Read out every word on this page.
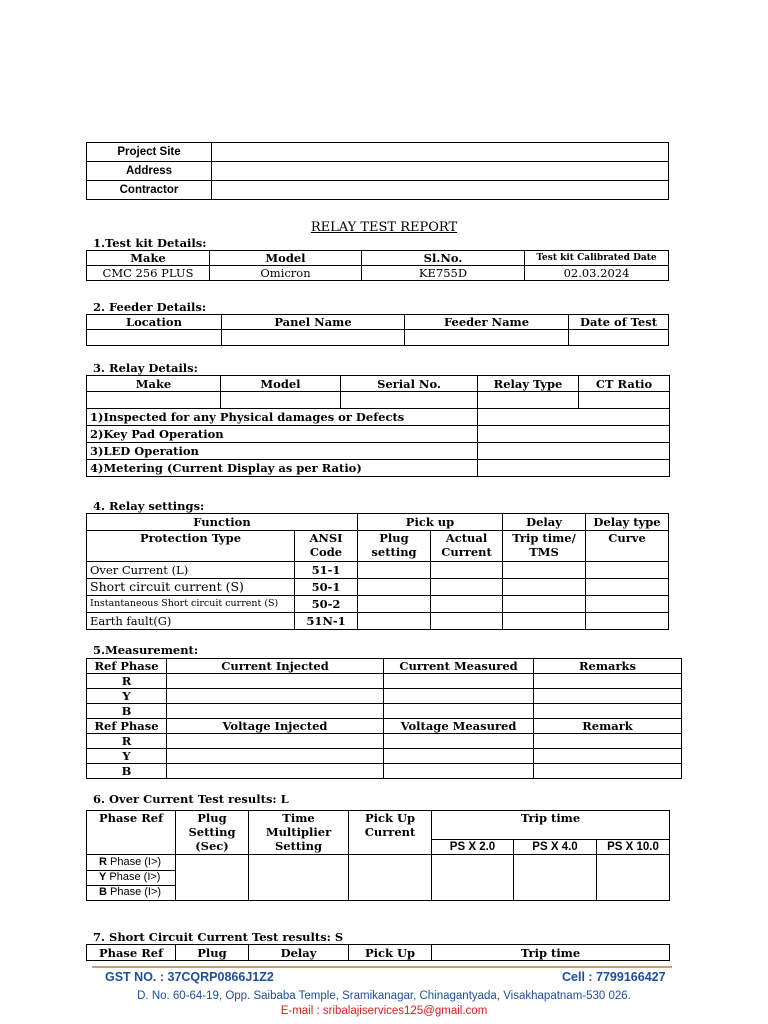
Project Site	
Address	
Contractor	
RELAY TEST REPORT
1.Test kit Details:
Make	Model	Sl.No.	Test kit Calibrated Date
CMC 256 PLUS	Omicron	KE755D	02.03.2024
2. Feeder Details:
Location	Panel Name	Feeder Name	Date of Test

3. Relay Details:
Make	Model	Serial No.	Relay Type	CT Ratio

1)Inspected for any Physical damages or Defects				
2)Key Pad Operation				
3)LED Operation				
4)Metering (Current Display as per Ratio)				
4. Relay settings:
Function		Pick up		Delay	Delay type
Protection Type	ANSI Code	Plug setting	Actual Current	Trip time/ TMS	Curve
Over Current (L)	51-1				
Short circuit current (S)	50-1				
Instantaneous Short circuit current (S)	50-2				
Earth fault(G)	51N-1				
5.Measurement:
Ref Phase	Current Injected	Current Measured	Remarks
R			
Y			
B			
Ref Phase	Voltage Injected	Voltage Measured	Remark
R			
Y			
B			
6. Over Current Test results: L
Phase Ref	Plug Setting (Sec)	Time Multiplier Setting	Pick Up Current	Trip time		
				PS X 2.0	PS X 4.0	PS X 10.0

R Phase (I>)
Y Phase (I>)
B Phase (I>)						

7. Short Circuit Current Test results: S
Phase Ref	Plug	Delay	Pick Up	Trip time
GST NO. : 37CQRP0866J1Z2	Cell : 7799166427
D. No. 60-64-19, Opp. Saibaba Temple, Sramikanagar, Chinagantyada, Visakhapatnam-530 026.
E-mail : sribalajiservices125@gmail.com
